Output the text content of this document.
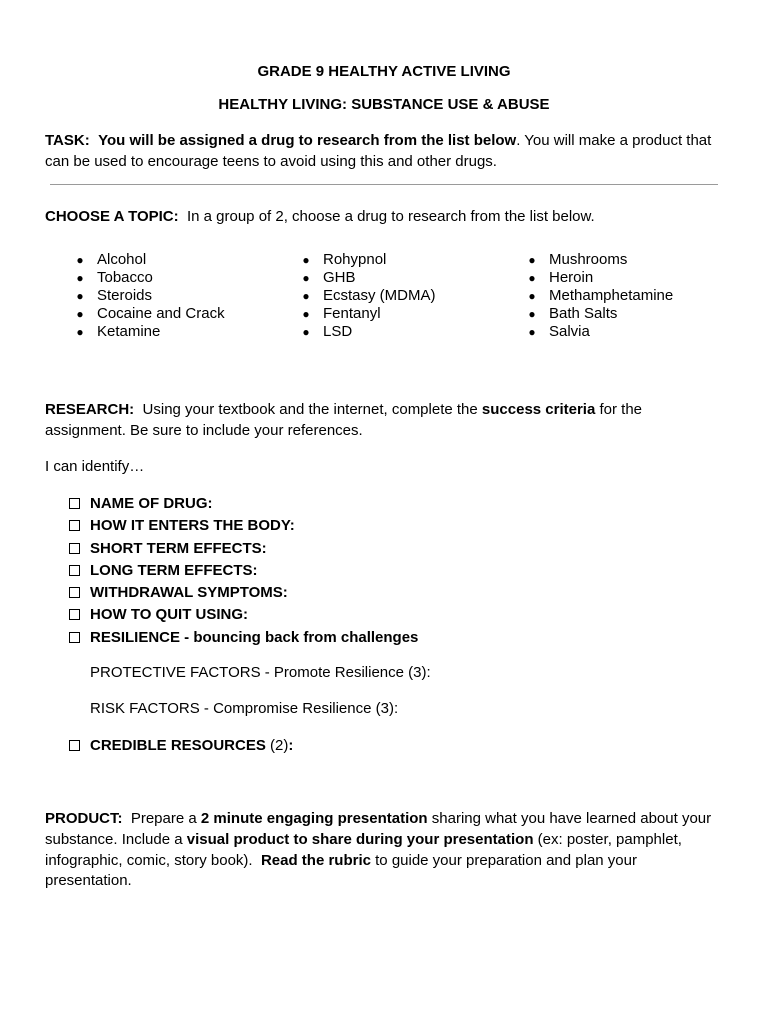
GRADE 9 HEALTHY ACTIVE LIVING
HEALTHY LIVING: SUBSTANCE USE & ABUSE
TASK: You will be assigned a drug to research from the list below. You will make a product that can be used to encourage teens to avoid using this and other drugs.
CHOOSE A TOPIC: In a group of 2, choose a drug to research from the list below.
● Alcohol
● Tobacco
● Steroids
● Cocaine and Crack
● Ketamine
● Rohypnol
● GHB
● Ecstasy (MDMA)
● Fentanyl
● LSD
● Mushrooms
● Heroin
● Methamphetamine
● Bath Salts
● Salvia
RESEARCH: Using your textbook and the internet, complete the success criteria for the assignment. Be sure to include your references.
I can identify…
NAME OF DRUG:
HOW IT ENTERS THE BODY:
SHORT TERM EFFECTS:
LONG TERM EFFECTS:
WITHDRAWAL SYMPTOMS:
HOW TO QUIT USING:
RESILIENCE - bouncing back from challenges
PROTECTIVE FACTORS - Promote Resilience (3):
RISK FACTORS - Compromise Resilience (3):
CREDIBLE RESOURCES (2):
PRODUCT: Prepare a 2 minute engaging presentation sharing what you have learned about your substance. Include a visual product to share during your presentation (ex: poster, pamphlet, infographic, comic, story book). Read the rubric to guide your preparation and plan your presentation.
